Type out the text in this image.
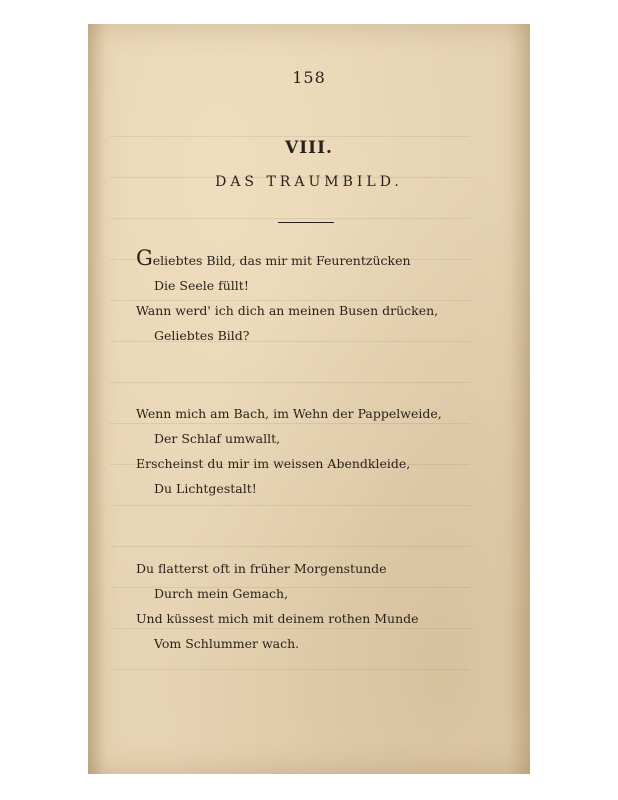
158
VIII.
DAS TRAUMBILD.
Geliebtes Bild, das mir mit Feurentzücken
Die Seele füllt!
Wann werd' ich dich an meinen Busen drücken,
Geliebtes Bild?
Wenn mich am Bach, im Wehn der Pappelweide,
Der Schlaf umwallt,
Erscheinst du mir im weissen Abendkleide,
Du Lichtgestalt!
Du flatterst oft in früher Morgenstunde
Durch mein Gemach,
Und küssest mich mit deinem rothen Munde
Vom Schlummer wach.
